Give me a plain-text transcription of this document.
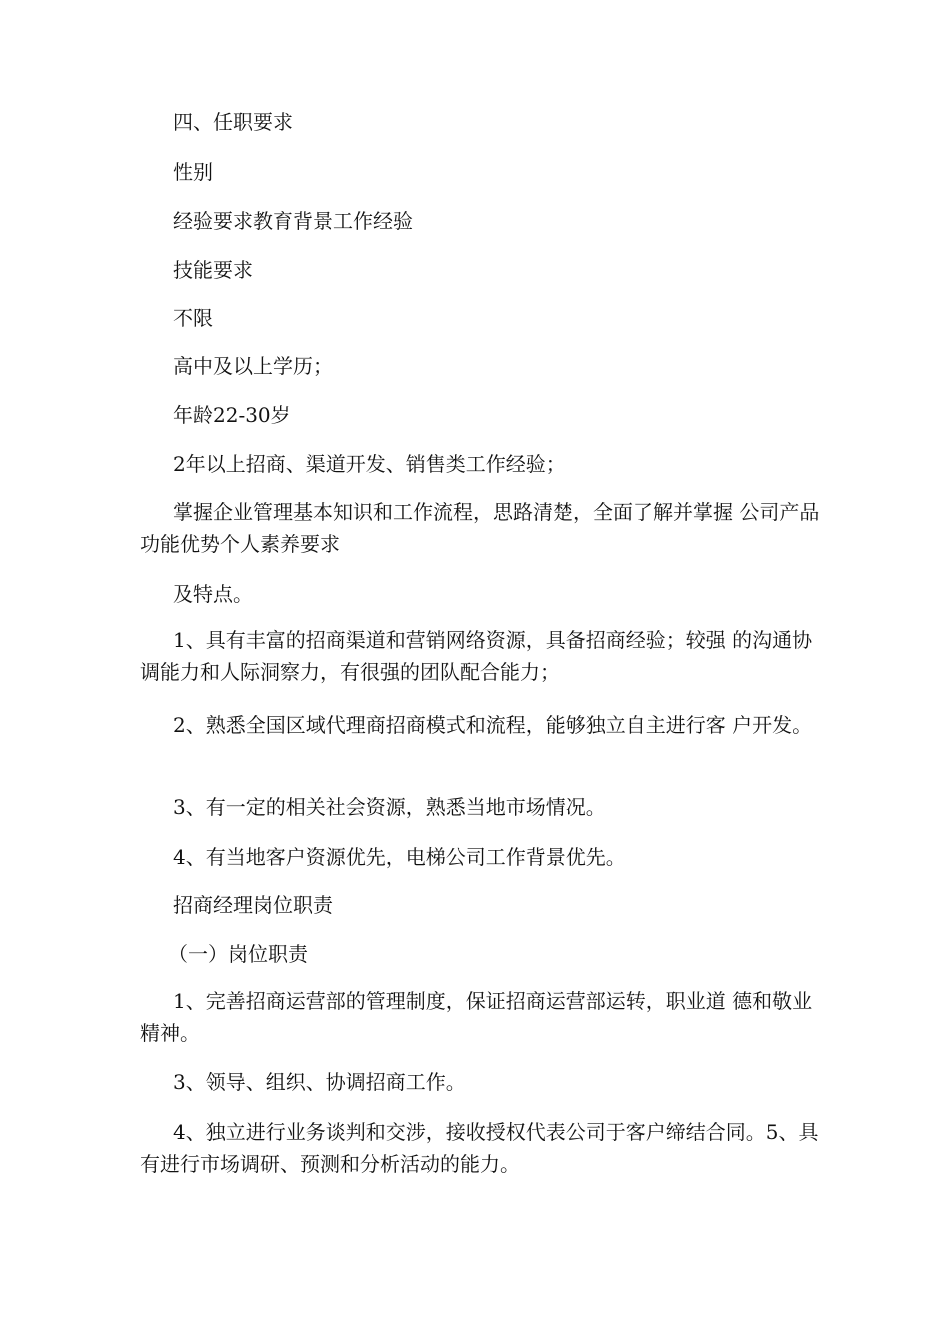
四、任职要求

性别

经验要求教育背景工作经验

技能要求

不限

高中及以上学历；

年龄22-30岁

2年以上招商、渠道开发、销售类工作经验；

掌握企业管理基本知识和工作流程，思路清楚，全面了解并掌握 公司产品功能优势个人素养要求

及特点。

1、具有丰富的招商渠道和营销网络资源，具备招商经验；较强 的沟通协调能力和人际洞察力，有很强的团队配合能力；

2、熟悉全国区域代理商招商模式和流程，能够独立自主进行客 户开发。

3、有一定的相关社会资源，熟悉当地市场情况。

4、有当地客户资源优先，电梯公司工作背景优先。

招商经理岗位职责

（一）岗位职责

1、完善招商运营部的管理制度，保证招商运营部运转，职业道 德和敬业精神。

3、领导、组织、协调招商工作。

4、独立进行业务谈判和交涉，接收授权代表公司于客户缔结合同。5、具有进行市场调研、预测和分析活动的能力。
